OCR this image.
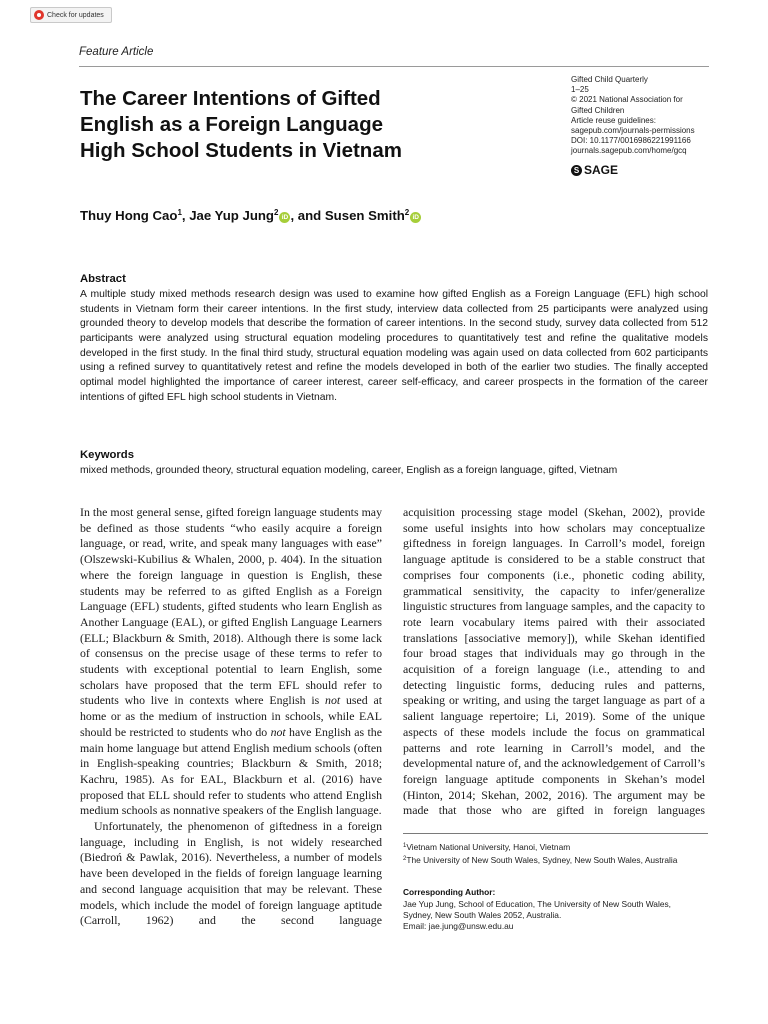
Check for updates
Feature Article
The Career Intentions of Gifted
English as a Foreign Language
High School Students in Vietnam
Gifted Child Quarterly
1–25
© 2021 National Association for
Gifted Children
Article reuse guidelines:
sagepub.com/journals-permissions
DOI: 10.1177/0016986221991166
journals.sagepub.com/home/gcq
S SAGE
Thuy Hong Cao$^1$, Jae Yup Jung$^2$iD , and Susen Smith$^2$iD
Abstract

A multiple study mixed methods research design was used to examine how gifted English as a Foreign Language (EFL) high school students in Vietnam form their career intentions. In the first study, interview data collected from 25 participants were analyzed using grounded theory to develop models that describe the formation of career intentions. In the second study, survey data collected from 512 participants were analyzed using structural equation modeling procedures to quantitatively test and refine the qualitative models developed in the first study. In the final third study, structural equation modeling was again used on data collected from 602 participants using a refined survey to quantitatively retest and refine the models developed in both of the earlier two studies. The finally accepted optimal model highlighted the importance of career interest, career self-efficacy, and career prospects in the formation of the career intentions of gifted EFL high school students in Vietnam.

Keywords
mixed methods, grounded theory, structural equation modeling, career, English as a foreign language, gifted, Vietnam

In the most general sense, gifted foreign language students may be defined as those students “who easily acquire a foreign language, or read, write, and speak many languages with ease” (Olszewski-Kubilius & Whalen, 2000, p. 404). In the situation where the foreign language in question is English, these students may be referred to as gifted English as a Foreign Language (EFL) students, gifted students who learn English as Another Language (EAL), or gifted English Language Learners (ELL; Blackburn & Smith, 2018). Although there is some lack of consensus on the precise usage of these terms to refer to students with exceptional potential to learn English, some scholars have proposed that the term EFL should refer to students who live in contexts where English is not used at home or as the medium of instruction in schools, while EAL should be restricted to students who do not have English as the main home language but attend English medium schools (often in English-speaking countries; Blackburn & Smith, 2018; Kachru, 1985). As for EAL, Blackburn et al. (2016) have proposed that ELL should refer to students who attend English medium schools as nonnative speakers of the English language.

Unfortunately, the phenomenon of giftedness in a foreign language, including in English, is not widely researched (Biedroń & Pawlak, 2016). Nevertheless, a number of models have been developed in the fields of foreign language learning and second language acquisition that may be relevant. These models, which include the model of foreign language aptitude (Carroll, 1962) and the second language

acquisition processing stage model (Skehan, 2002), provide some useful insights into how scholars may conceptualize giftedness in foreign languages. In Carroll’s model, foreign language aptitude is considered to be a stable construct that comprises four components (i.e., phonetic coding ability, grammatical sensitivity, the capacity to infer/generalize linguistic structures from language samples, and the capacity to rote learn vocabulary items paired with their associated translations [associative memory]), while Skehan identified four broad stages that individuals may go through in the acquisition of a foreign language (i.e., attending to and detecting linguistic forms, deducing rules and patterns, speaking or writing, and using the target language as part of a salient language repertoire; Li, 2019). Some of the unique aspects of these models include the focus on grammatical patterns and rote learning in Carroll’s model, and the developmental nature of, and the acknowledgement of Carroll’s foreign language aptitude components in Skehan’s model (Hinton, 2014; Skehan, 2002, 2016). The argument may be made that those who are gifted in foreign languages

$^1$Vietnam National University, Hanoi, Vietnam

$^2$The University of New South Wales, Sydney, New South Wales, Australia

Corresponding Author:

Jae Yup Jung, School of Education, The University of New South Wales,
Sydney, New South Wales 2052, Australia.
Email: jae.jung@unsw.edu.au
